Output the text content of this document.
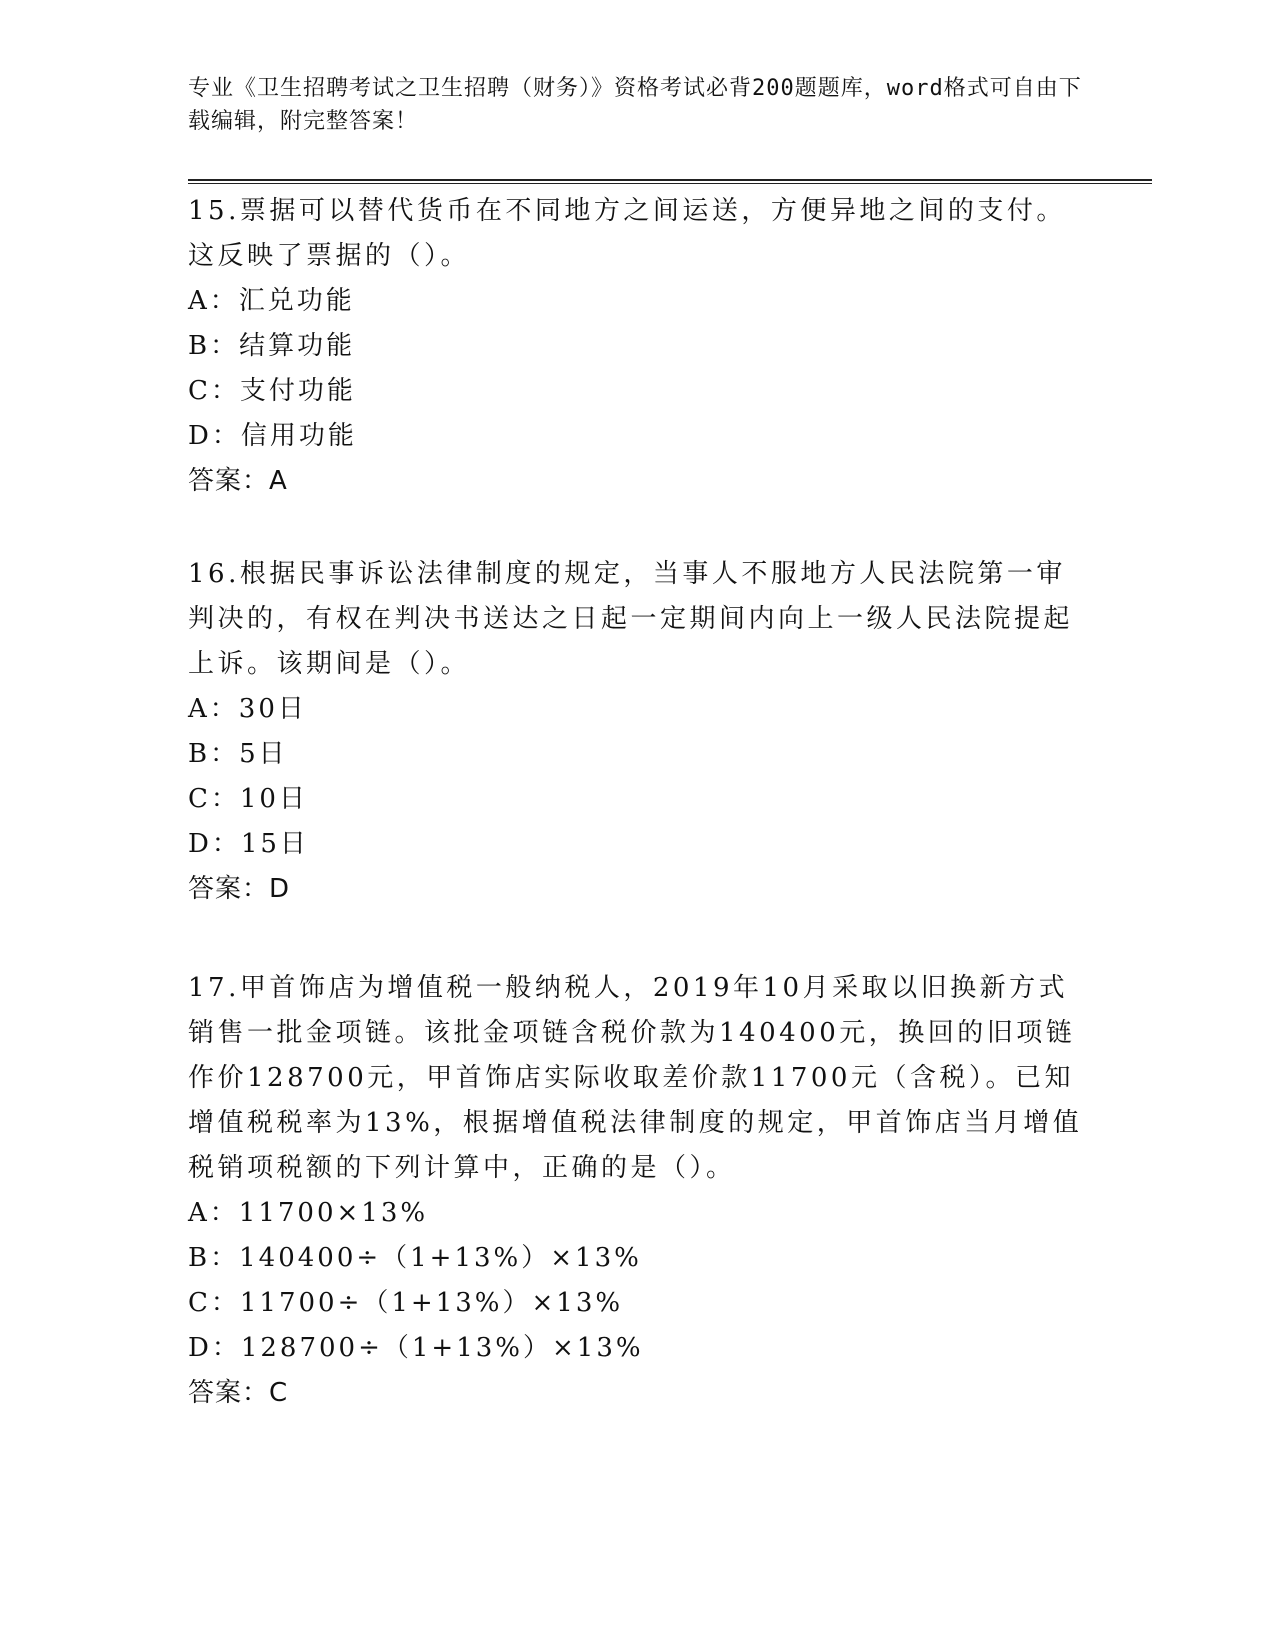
专业《卫生招聘考试之卫生招聘（财务）》资格考试必背200题题库，word格式可自由下载编辑，附完整答案！
15.票据可以替代货币在不同地方之间运送，方便异地之间的支付。这反映了票据的（）。
A：汇兑功能
B：结算功能
C：支付功能
D：信用功能
答案：A
16.根据民事诉讼法律制度的规定，当事人不服地方人民法院第一审判决的，有权在判决书送达之日起一定期间内向上一级人民法院提起上诉。该期间是（）。
A：30日
B：5日
C：10日
D：15日
答案：D
17.甲首饰店为增值税一般纳税人，2019年10月采取以旧换新方式销售一批金项链。该批金项链含税价款为140400元，换回的旧项链作价128700元，甲首饰店实际收取差价款11700元（含税）。已知增值税税率为13%，根据增值税法律制度的规定，甲首饰店当月增值税销项税额的下列计算中，正确的是（）。
A：11700×13%
B：140400÷（1+13%）×13%
C：11700÷（1+13%）×13%
D：128700÷（1+13%）×13%
答案：C
